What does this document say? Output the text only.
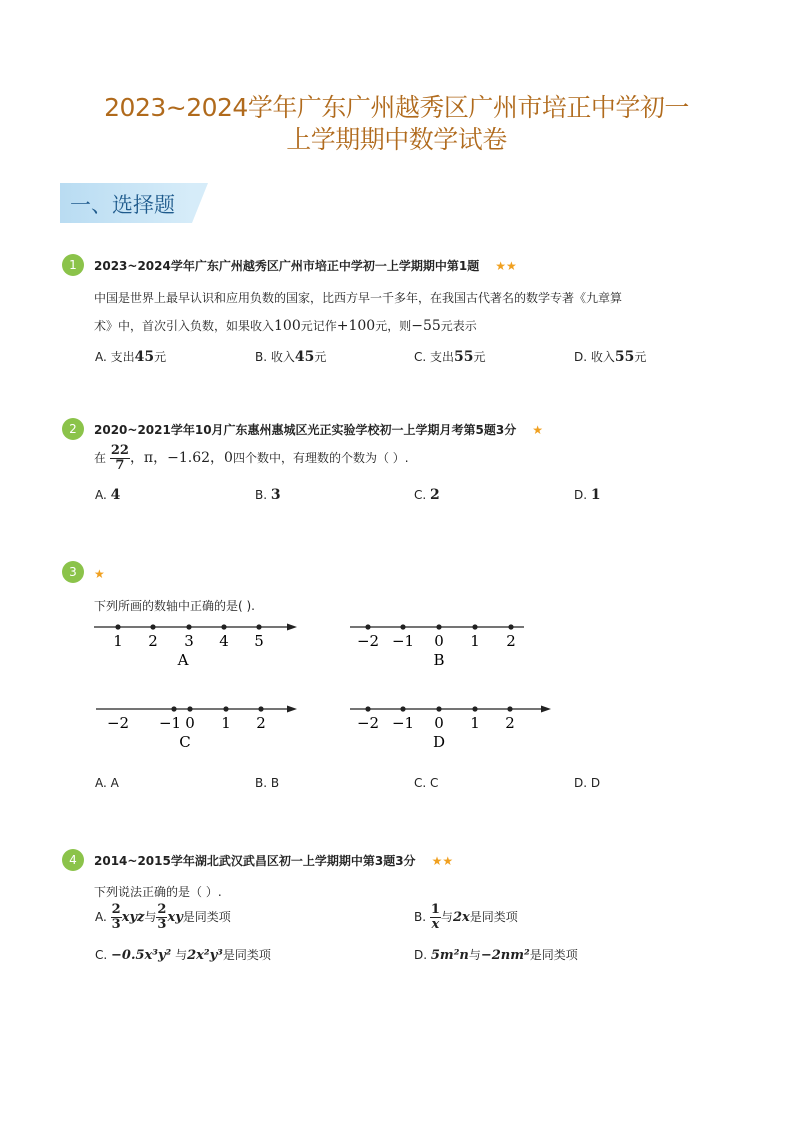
2023~2024学年广东广州越秀区广州市培正中学初一
上学期期中数学试卷
一、选择题
1	2023~2024学年广东广州越秀区广州市培正中学初一上学期期中第1题 ★★
中国是世界上最早认识和应用负数的国家，比西方早一千多年，在我国古代著名的数学专著《九章算
术》中，首次引入负数，如果收入100元记作+100元，则−55元表示
A. 支出45元	B. 收入45元	C. 支出55元	D. 收入55元
2	2020~2021学年10月广东惠州惠城区光正实验学校初一上学期月考第5题3分 ★
在 $\frac{22}{7}$ ，π，−1.62，0四个数中，有理数的个数为（ ）.
A. 4	B. 3	C. 2	D. 1
3	★
下列所画的数轴中正确的是( ).
1 2 3 4 5
A
−2 −1 0 1 2
B
−2 −1 0 1 2
C
−2 −1 0 1 2
D
A. A	B. B	C. C	D. D
4	2014~2015学年湖北武汉武昌区初一上学期期中第3题3分 ★★
下列说法正确的是（ ）.
A. $\frac{2}{3}$ xyz与 $\frac{2}{3}$ xy是同类项	B. $\frac{1}{x}$ 与2x是同类项
C. −0.5x³y² 与2x²y³是同类项	D. 5m²n与−2nm²是同类项
